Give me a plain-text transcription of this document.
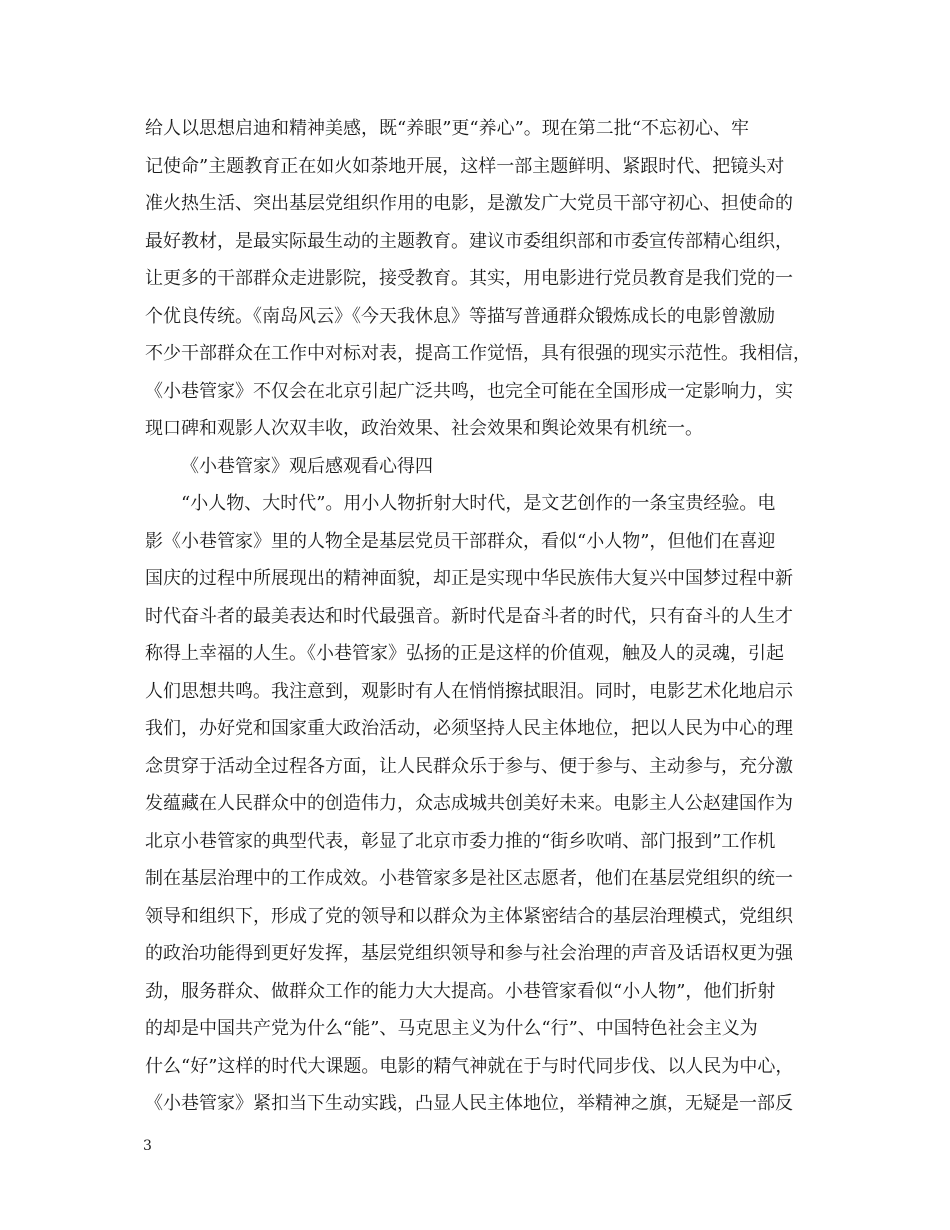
给人以思想启迪和精神美感，既“养眼”更“养心”。现在第二批“不忘初心、牢
记使命”主题教育正在如火如荼地开展，这样一部主题鲜明、紧跟时代、把镜头对
准火热生活、突出基层党组织作用的电影，是激发广大党员干部守初心、担使命的
最好教材，是最实际最生动的主题教育。建议市委组织部和市委宣传部精心组织，
让更多的干部群众走进影院，接受教育。其实，用电影进行党员教育是我们党的一
个优良传统。《南岛风云》《今天我休息》等描写普通群众锻炼成长的电影曾激励
不少干部群众在工作中对标对表，提高工作觉悟，具有很强的现实示范性。我相信，
《小巷管家》不仅会在北京引起广泛共鸣，也完全可能在全国形成一定影响力，实
现口碑和观影人次双丰收，政治效果、社会效果和舆论效果有机统一。
《小巷管家》观后感观看心得四
“小人物、大时代”。用小人物折射大时代，是文艺创作的一条宝贵经验。电
影《小巷管家》里的人物全是基层党员干部群众，看似“小人物”，但他们在喜迎
国庆的过程中所展现出的精神面貌，却正是实现中华民族伟大复兴中国梦过程中新
时代奋斗者的最美表达和时代最强音。新时代是奋斗者的时代，只有奋斗的人生才
称得上幸福的人生。《小巷管家》弘扬的正是这样的价值观，触及人的灵魂，引起
人们思想共鸣。我注意到，观影时有人在悄悄擦拭眼泪。同时，电影艺术化地启示
我们，办好党和国家重大政治活动，必须坚持人民主体地位，把以人民为中心的理
念贯穿于活动全过程各方面，让人民群众乐于参与、便于参与、主动参与，充分激
发蕴藏在人民群众中的创造伟力，众志成城共创美好未来。电影主人公赵建国作为
北京小巷管家的典型代表，彰显了北京市委力推的“街乡吹哨、部门报到”工作机
制在基层治理中的工作成效。小巷管家多是社区志愿者，他们在基层党组织的统一
领导和组织下，形成了党的领导和以群众为主体紧密结合的基层治理模式，党组织
的政治功能得到更好发挥，基层党组织领导和参与社会治理的声音及话语权更为强
劲，服务群众、做群众工作的能力大大提高。小巷管家看似“小人物”，他们折射
的却是中国共产党为什么“能”、马克思主义为什么“行”、中国特色社会主义为
什么“好”这样的时代大课题。电影的精气神就在于与时代同步伐、以人民为中心，
《小巷管家》紧扣当下生动实践，凸显人民主体地位，举精神之旗，无疑是一部反
3
